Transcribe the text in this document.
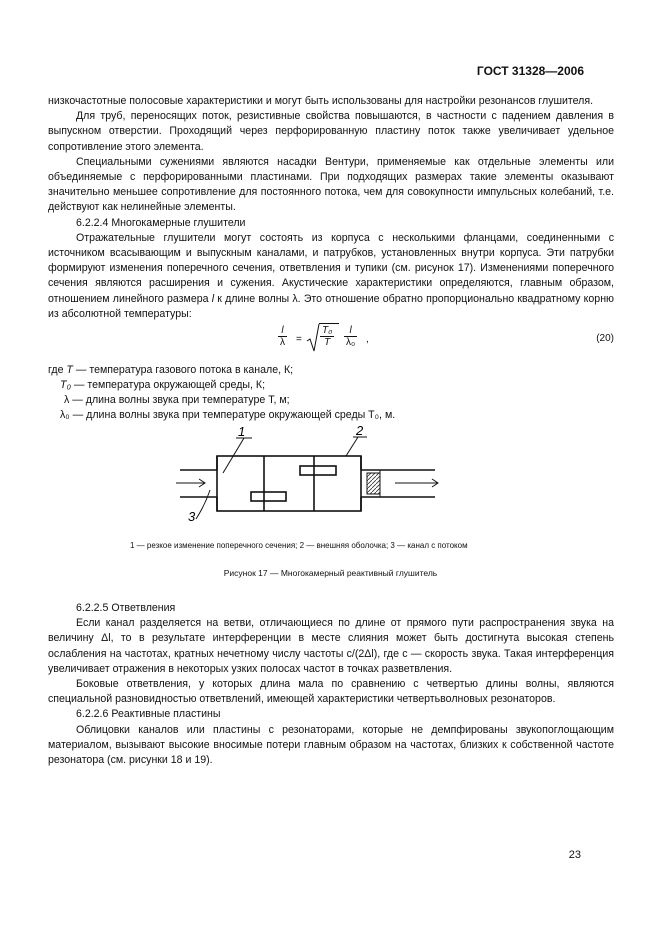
ГОСТ 31328—2006

низкочастотные полосовые характеристики и могут быть использованы для настройки резонансов глушителя.

Для труб, переносящих поток, резистивные свойства повышаются, в частности с падением давления в выпускном отверстии. Проходящий через перфорированную пластину поток также увеличивает удельное сопротивление этого элемента.

Специальными сужениями являются насадки Вентури, применяемые как отдельные элементы или объединяемые с перфорированными пластинами. При подходящих размерах такие элементы оказывают значительно меньшее сопротивление для постоянного потока, чем для совокупности импульсных колебаний, т.е. действуют как нелинейные элементы.

6.2.2.4 Многокамерные глушители

Отражательные глушители могут состоять из корпуса с несколькими фланцами, соединенными с источником всасывающим и выпускным каналами, и патрубков, установленных внутри корпуса. Эти патрубки формируют изменения поперечного сечения, ответвления и тупики (см. рисунок 17). Изменениями поперечного сечения являются расширения и сужения. Акустические характеристики определяются, главным образом, отношением линейного размера l к длине волны λ. Это отношение обратно пропорционально квадратному корню из абсолютной температуры:

$\frac{l}{\lambda} = \frac{\text{T₀}}{T} \frac{l}{\text{λ₀}}$ ,	(20)
где T — температура газового потока в канале, К;
T₀ — температура окружающей среды, К;
λ — длина волны звука при температуре T, м;
λ₀ — длина волны звука при температуре окружающей среды T₀, м.
1	2
3
1 — резкое изменение поперечного сечения; 2 — внешняя оболочка; 3 — канал с потоком
Рисунок 17 — Многокамерный реактивный глушитель

6.2.2.5 Ответвления

Если канал разделяется на ветви, отличающиеся по длине от прямого пути распространения звука на величину Δl, то в результате интерференции в месте слияния может быть достигнута высокая степень ослабления на частотах, кратных нечетному числу частоты c/(2Δl), где c — скорость звука. Такая интерференция увеличивает отражения в некоторых узких полосах частот в точках разветвления.

Боковые ответвления, у которых длина мала по сравнению с четвертью длины волны, являются специальной разновидностью ответвлений, имеющей характеристики четвертьволновых резонаторов.

6.2.2.6 Реактивные пластины

Облицовки каналов или пластины с резонаторами, которые не демпфированы звукопоглощающим материалом, вызывают высокие вносимые потери главным образом на частотах, близких к собственной частоте резонатора (см. рисунки 18 и 19).

23
